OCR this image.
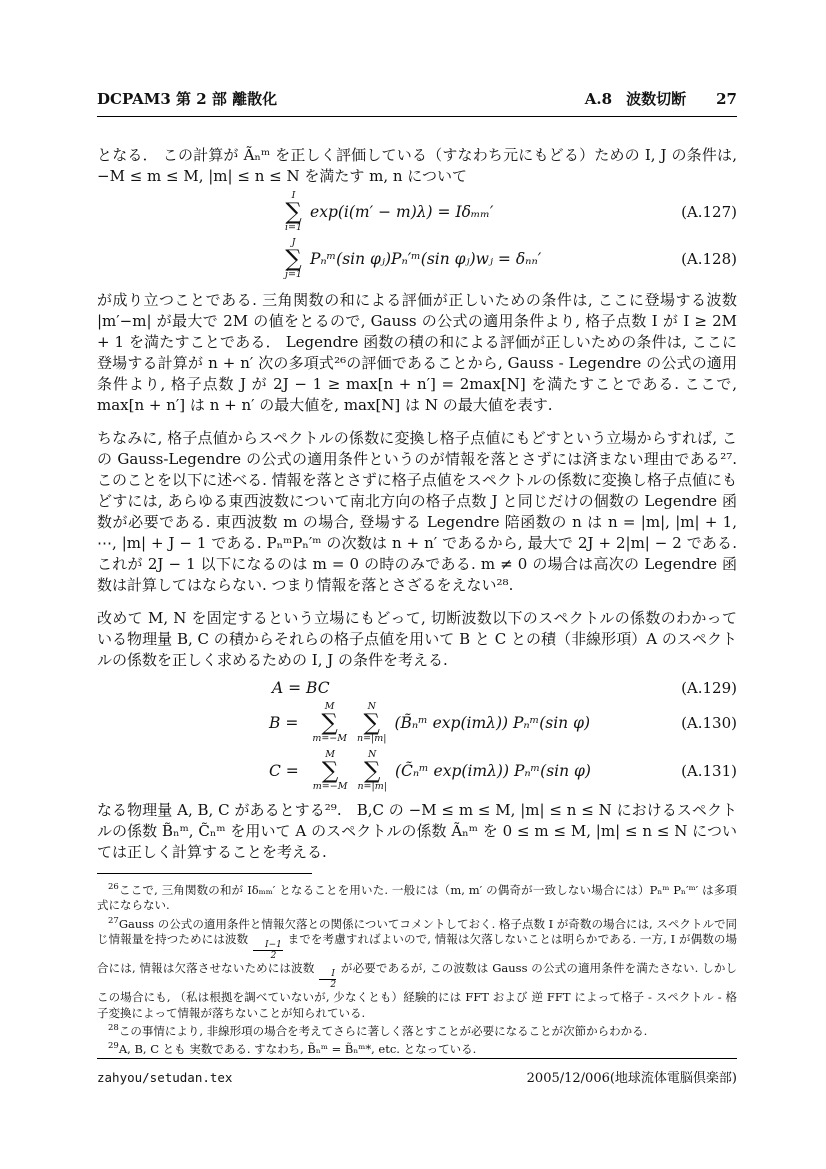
DCPAM3 第 2 部 離散化	A.8 波数切断 27

となる． この計算が Ãₙᵐ を正しく評価している（すなわち元にもどる）ための I, J の条件は, −M ≤ m ≤ M, |m| ≤ n ≤ N を満たす m, n について

I
∑
i=1
exp(i(m′ − m)λ) = Iδₘₘ′	(A.127)
J
∑
j=1
Pₙᵐ(sin φⱼ)Pₙ′ᵐ(sin φⱼ)wⱼ = δₙₙ′	(A.128)

が成り立つことである. 三角関数の和による評価が正しいための条件は, ここに登場する波数 |m′−m| が最大で 2M の値をとるので, Gauss の公式の適用条件より, 格子点数 I が I ≥ 2M + 1 を満たすことである． Legendre 函数の積の和による評価が正しいための条件は, ここに登場する計算が n + n′ 次の多項式²⁶の評価であることから, Gauss - Legendre の公式の適用条件より, 格子点数 J が 2J − 1 ≥ max[n + n′] = 2max[N] を満たすことである. ここで, max[n + n′] は n + n′ の最大値を, max[N] は N の最大値を表す.

ちなみに, 格子点値からスペクトルの係数に変換し格子点値にもどすという立場からすれば, この Gauss-Legendre の公式の適用条件というのが情報を落とさずには済まない理由である²⁷.　このことを以下に述べる. 情報を落とさずに格子点値をスペクトルの係数に変換し格子点値にもどすには, あらゆる東西波数について南北方向の格子点数 J と同じだけの個数の Legendre 函数が必要である. 東西波数 m の場合, 登場する Legendre 陪函数の n は n = |m|, |m| + 1, ⋯, |m| + J − 1 である. PₙᵐPₙ′ᵐ の次数は n + n′ であるから, 最大で 2J + 2|m| − 2 である. これが 2J − 1 以下になるのは m = 0 の時のみである. m ≠ 0 の場合は高次の Legendre 函数は計算してはならない. つまり情報を落とさざるをえない²⁸.

改めて M, N を固定するという立場にもどって, 切断波数以下のスペクトルの係数のわかっている物理量 B, C の積からそれらの格子点値を用いて B と C との積（非線形項）A のスペクトルの係数を正しく求めるための I, J の条件を考える.

A = BC	(A.129)
B =
M
∑
m=−M
N
∑
n=|m|
(B̃ₙᵐ exp(imλ)) Pₙᵐ(sin φ)	(A.130)
C =
M
∑
m=−M
N
∑
n=|m|
(C̃ₙᵐ exp(imλ)) Pₙᵐ(sin φ)	(A.131)

なる物理量 A, B, C があるとする²⁹.　B,C の −M ≤ m ≤ M, |m| ≤ n ≤ N におけるスペクトルの係数 B̃ₙᵐ, C̃ₙᵐ を用いて A のスペクトルの係数 Ãₙᵐ を 0 ≤ m ≤ M, |m| ≤ n ≤ N については正しく計算することを考える.

$^{26}$ここで, 三角関数の和が Iδₘₘ′ となることを用いた. 一般には（m, m′ の偶奇が一致しない場合には）Pₙᵐ Pₙ′ᵐ′ は多項式にならない.

$^{27}$Gauss の公式の適用条件と情報欠落との関係についてコメントしておく. 格子点数 I が奇数の場合には, スペクトルで同じ情報量を持つためには波数
$\frac{I-1}{2}$
までを考慮すればよいので, 情報は欠落しないことは明らかである. 一方, I が偶数の場合には, 情報は欠落させないためには波数
$\frac{I}{2}$
が必要であるが, この波数は Gauss の公式の適用条件を満たさない. しかしこの場合にも, （私は根拠を調べていないが, 少なくとも）経験的には FFT および 逆 FFT によって格子 - スペクトル - 格子変換によって情報が落ちないことが知られている.

$^{28}$この事情により, 非線形項の場合を考えてさらに著しく落とすことが必要になることが次節からわかる.

$^{29}$A, B, C とも 実数である. すなわち, B̃ₙᵐ = B̃ₙᵐ*, etc. となっている.

zahyou/setudan.tex	2005/12/006(地球流体電脳倶楽部)
